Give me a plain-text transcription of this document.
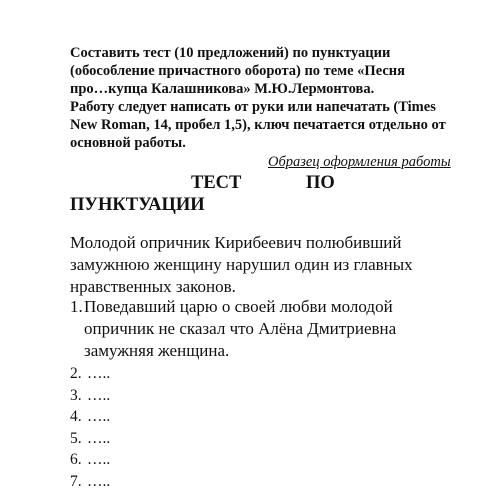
Составить тест (10 предложений) по пунктуации
(обособление причастного оборота) по теме «Песня
про…купца Калашникова» М.Ю.Лермонтова.
Работу следует написать от руки или напечатать (Times
New Roman, 14, пробел 1,5), ключ печатается отдельно от
основной работы.
Образец оформления работы
ТЕСТ	ПО
ПУНКТУАЦИИ
Молодой опричник Кирибеевич полюбивший
замужнюю женщину нарушил один из главных
нравственных законов.
1. Поведавший царю о своей любви молодой
опричник не сказал что Алёна Дмитриевна
замужняя женщина.
2. …..
3. …..
4. …..
5. …..
6. …..
7. …..
